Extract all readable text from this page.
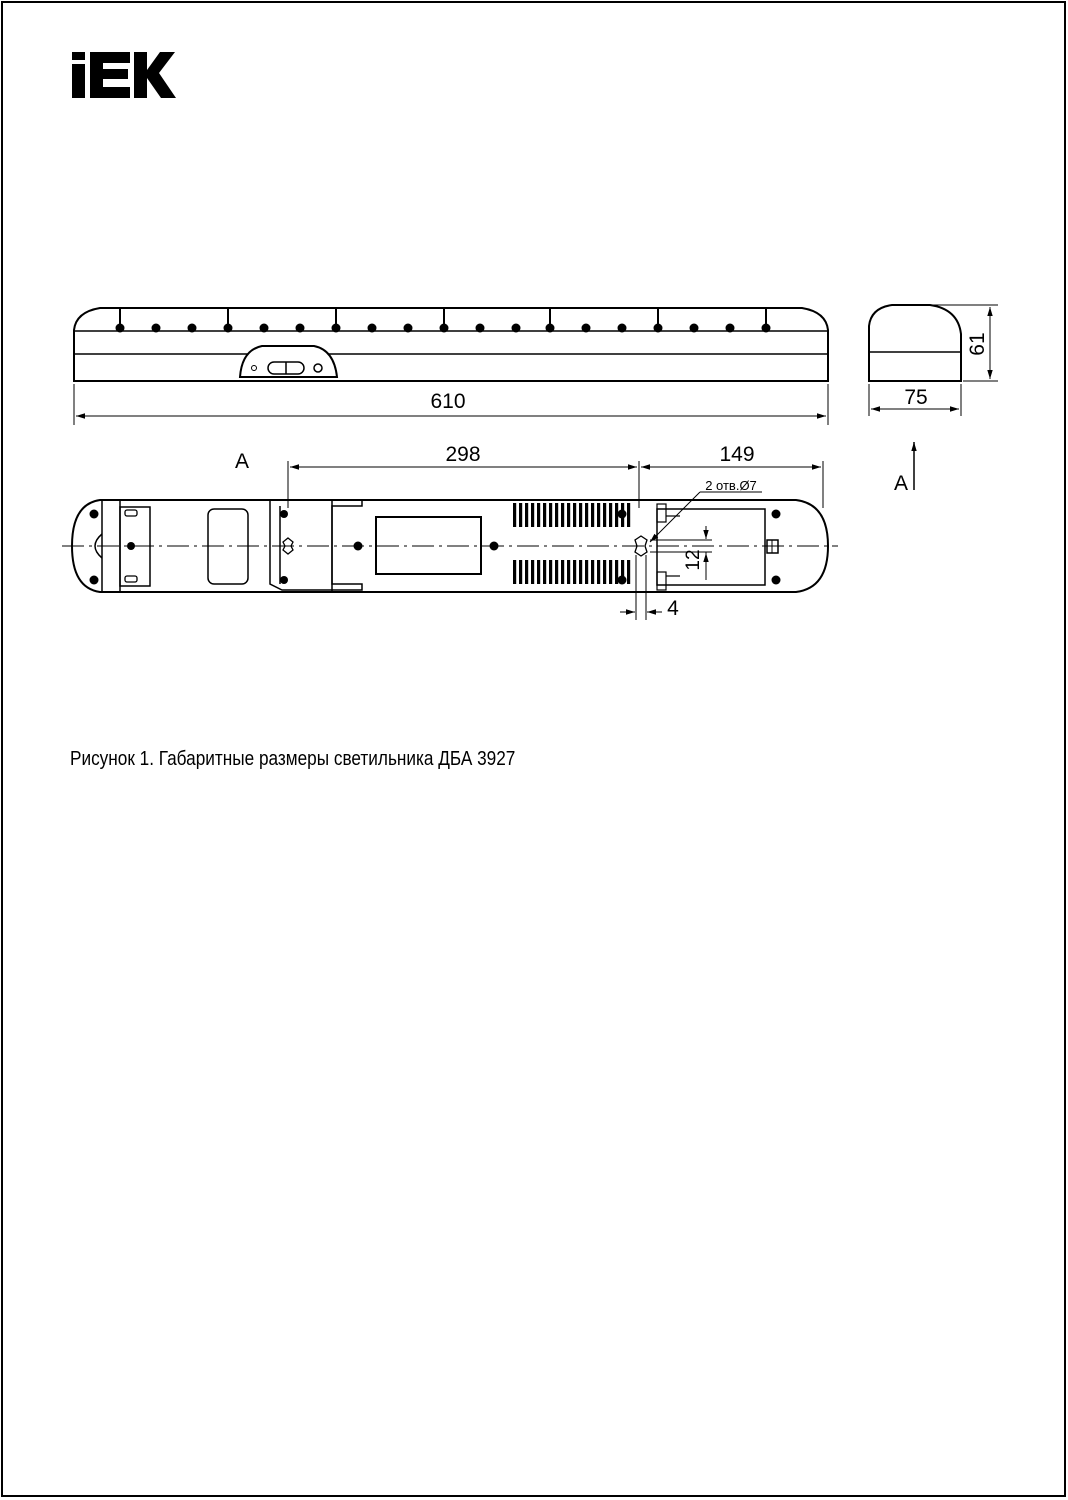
610
61
75
A	298	149
A
2 отв.Ø7
12
4
Рисунок 1. Габаритные размеры светильника ДБА 3927
